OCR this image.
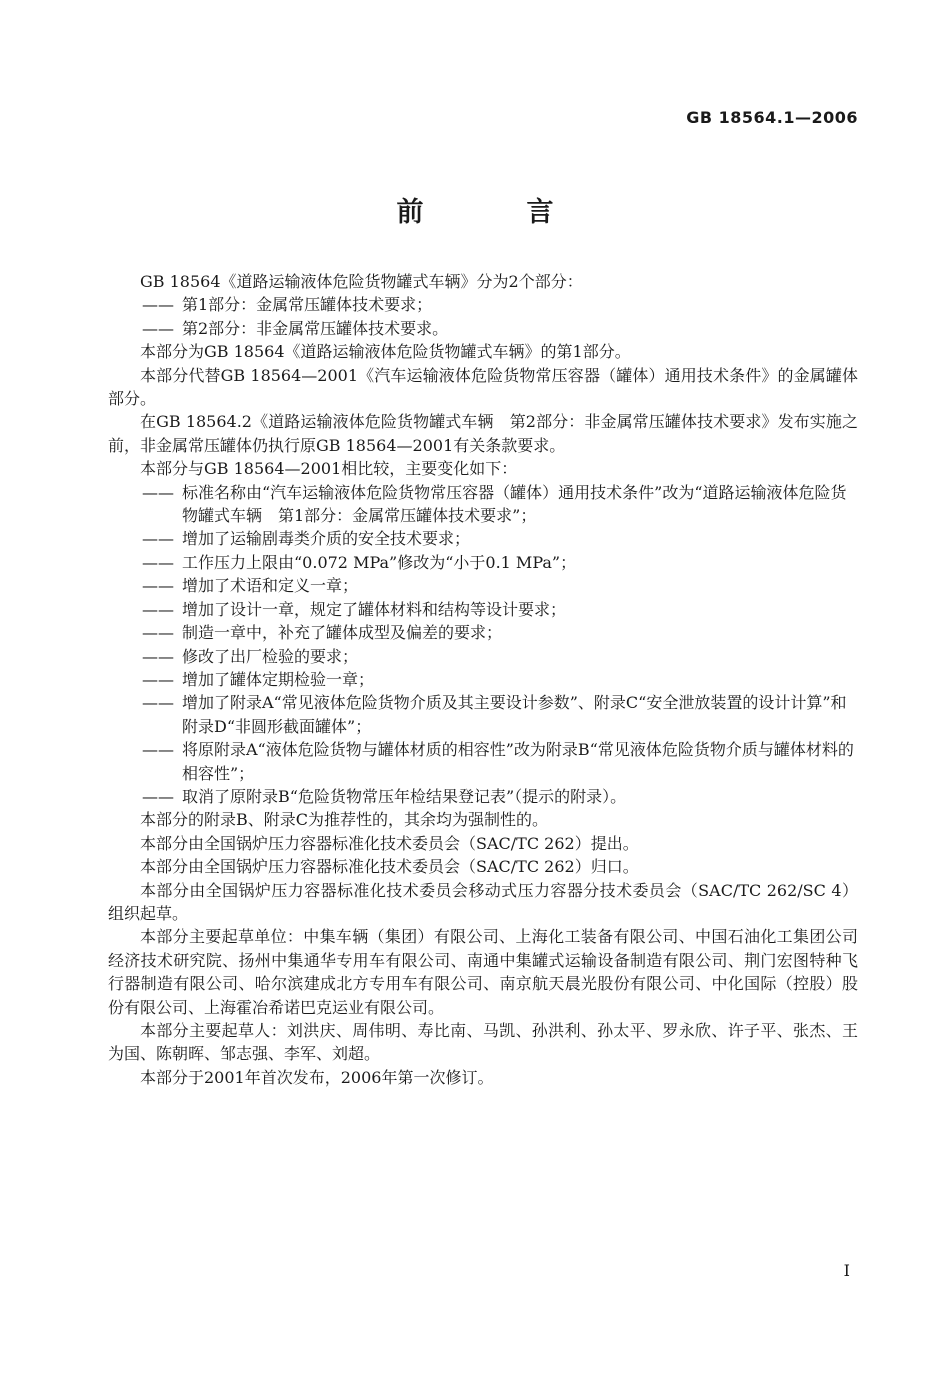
GB 18564.1—2006
前　言

GB 18564《道路运输液体危险货物罐式车辆》分为2个部分：

—— 第1部分：金属常压罐体技术要求；

—— 第2部分：非金属常压罐体技术要求。

本部分为GB 18564《道路运输液体危险货物罐式车辆》的第1部分。

本部分代替GB 18564—2001《汽车运输液体危险货物常压容器（罐体）通用技术条件》的金属罐体部分。

在GB 18564.2《道路运输液体危险货物罐式车辆　第2部分：非金属常压罐体技术要求》发布实施之前，非金属常压罐体仍执行原GB 18564—2001有关条款要求。

本部分与GB 18564—2001相比较，主要变化如下：

—— 标准名称由“汽车运输液体危险货物常压容器（罐体）通用技术条件”改为“道路运输液体危险货物罐式车辆　第1部分：金属常压罐体技术要求”；

—— 增加了运输剧毒类介质的安全技术要求；

—— 工作压力上限由“0.072 MPa”修改为“小于0.1 MPa”；

—— 增加了术语和定义一章；

—— 增加了设计一章，规定了罐体材料和结构等设计要求；

—— 制造一章中，补充了罐体成型及偏差的要求；

—— 修改了出厂检验的要求；

—— 增加了罐体定期检验一章；

—— 增加了附录A“常见液体危险货物介质及其主要设计参数”、附录C“安全泄放装置的设计计算”和附录D“非圆形截面罐体”；

—— 将原附录A“液体危险货物与罐体材质的相容性”改为附录B“常见液体危险货物介质与罐体材料的相容性”；

—— 取消了原附录B“危险货物常压年检结果登记表”（提示的附录）。

本部分的附录B、附录C为推荐性的，其余均为强制性的。

本部分由全国锅炉压力容器标准化技术委员会（SAC/TC 262）提出。

本部分由全国锅炉压力容器标准化技术委员会（SAC/TC 262）归口。

本部分由全国锅炉压力容器标准化技术委员会移动式压力容器分技术委员会（SAC/TC 262/SC 4）组织起草。

本部分主要起草单位：中集车辆（集团）有限公司、上海化工装备有限公司、中国石油化工集团公司经济技术研究院、扬州中集通华专用车有限公司、南通中集罐式运输设备制造有限公司、荆门宏图特种飞行器制造有限公司、哈尔滨建成北方专用车有限公司、南京航天晨光股份有限公司、中化国际（控股）股份有限公司、上海霍冶希诺巴克运业有限公司。

本部分主要起草人：刘洪庆、周伟明、寿比南、马凯、孙洪利、孙太平、罗永欣、许子平、张杰、王为国、陈朝晖、邹志强、李军、刘超。

本部分于2001年首次发布，2006年第一次修订。

I
